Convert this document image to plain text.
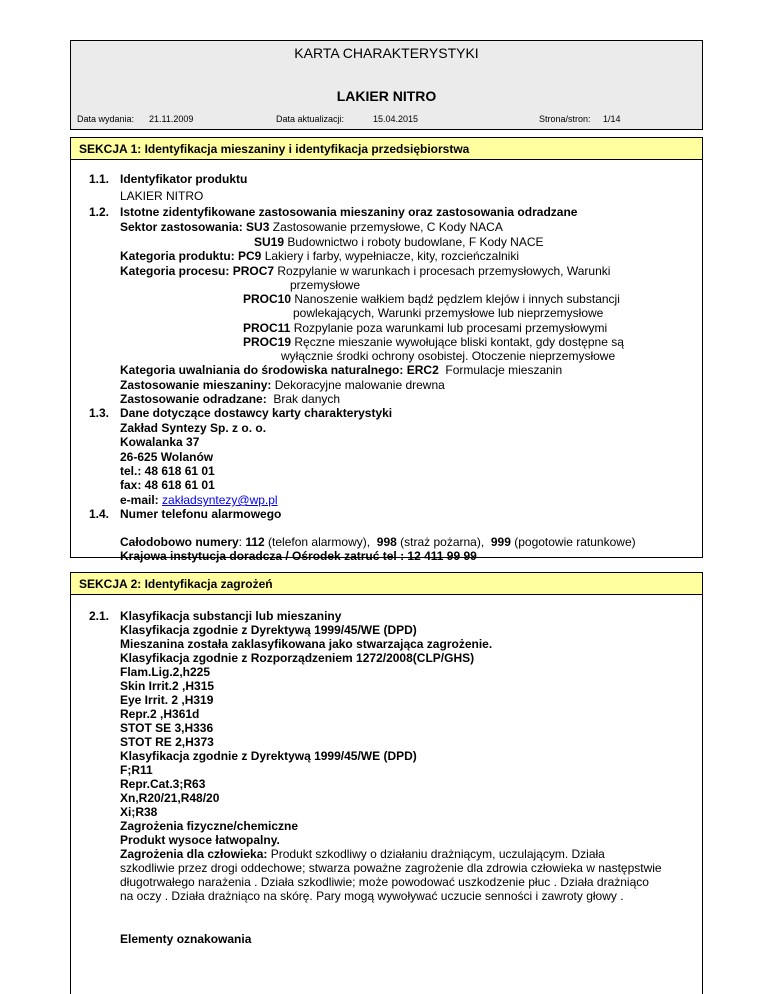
KARTA CHARAKTERYSTYKI
LAKIER NITRO
Data wydania: 21.11.2009	Data aktualizacji:	15.04.2015	Strona/stron: 1/14
SEKCJA 1: Identyfikacja mieszaniny i identyfikacja przedsiębiorstwa
1.1. Identyfikator produktu
LAKIER NITRO
1.2. Istotne zidentyfikowane zastosowania mieszaniny oraz zastosowania odradzane
Sektor zastosowania: SU3 Zastosowanie przemysłowe, C Kody NACA
SU19 Budownictwo i roboty budowlane, F Kody NACE
Kategoria produktu: PC9 Lakiery i farby, wypełniacze, kity, rozcieńczalniki
Kategoria procesu: PROC7 Rozpylanie w warunkach i procesach przemysłowych, Warunki
przemysłowe
PROC10 Nanoszenie wałkiem bądź pędzlem klejów i innych substancji
powlekających, Warunki przemysłowe lub nieprzemysłowe
PROC11 Rozpylanie poza warunkami lub procesami przemysłowymi
PROC19 Ręczne mieszanie wywołujące bliski kontakt, gdy dostępne są
wyłącznie środki ochrony osobistej. Otoczenie nieprzemysłowe
Kategoria uwalniania do środowiska naturalnego: ERC2 Formulacje mieszanin
Zastosowanie mieszaniny: Dekoracyjne malowanie drewna
Zastosowanie odradzane: Brak danych
1.3. Dane dotyczące dostawcy karty charakterystyki
Zakład Syntezy Sp. z o. o.
Kowalanka 37
26-625 Wolanów
tel.: 48 618 61 01
fax: 48 618 61 01
e-mail: zakładsyntezy@wp.pl
1.4. Numer telefonu alarmowego
Całodobowo numery: 112 (telefon alarmowy), 998 (straż pożarna), 999 (pogotowie ratunkowe)
Krajowa instytucja doradcza / Ośrodek zatruć tel : 12 411 99 99
SEKCJA 2: Identyfikacja zagrożeń
2.1. Klasyfikacja substancji lub mieszaniny
Klasyfikacja zgodnie z Dyrektywą 1999/45/WE (DPD)
Mieszanina została zaklasyfikowana jako stwarzająca zagrożenie.
Klasyfikacja zgodnie z Rozporządzeniem 1272/2008(CLP/GHS)
Flam.Lig.2,h225
Skin Irrit.2 ,H315
Eye Irrit. 2 ,H319
Repr.2 ,H361d
STOT SE 3,H336
STOT RE 2,H373
Klasyfikacja zgodnie z Dyrektywą 1999/45/WE (DPD)
F;R11
Repr.Cat.3;R63
Xn,R20/21,R48/20
Xi;R38
Zagrożenia fizyczne/chemiczne
Produkt wysoce łatwopalny.
Zagrożenia dla człowieka: Produkt szkodliwy o działaniu drażniącym, uczulającym. Działa
szkodliwie przez drogi oddechowe; stwarza poważne zagrożenie dla zdrowia człowieka w następstwie
długotrwałego narażenia . Działa szkodliwie; może powodować uszkodzenie płuc . Działa drażniąco
na oczy . Działa drażniąco na skórę. Pary mogą wywoływać uczucie senności i zawroty głowy .
Elementy oznakowania
